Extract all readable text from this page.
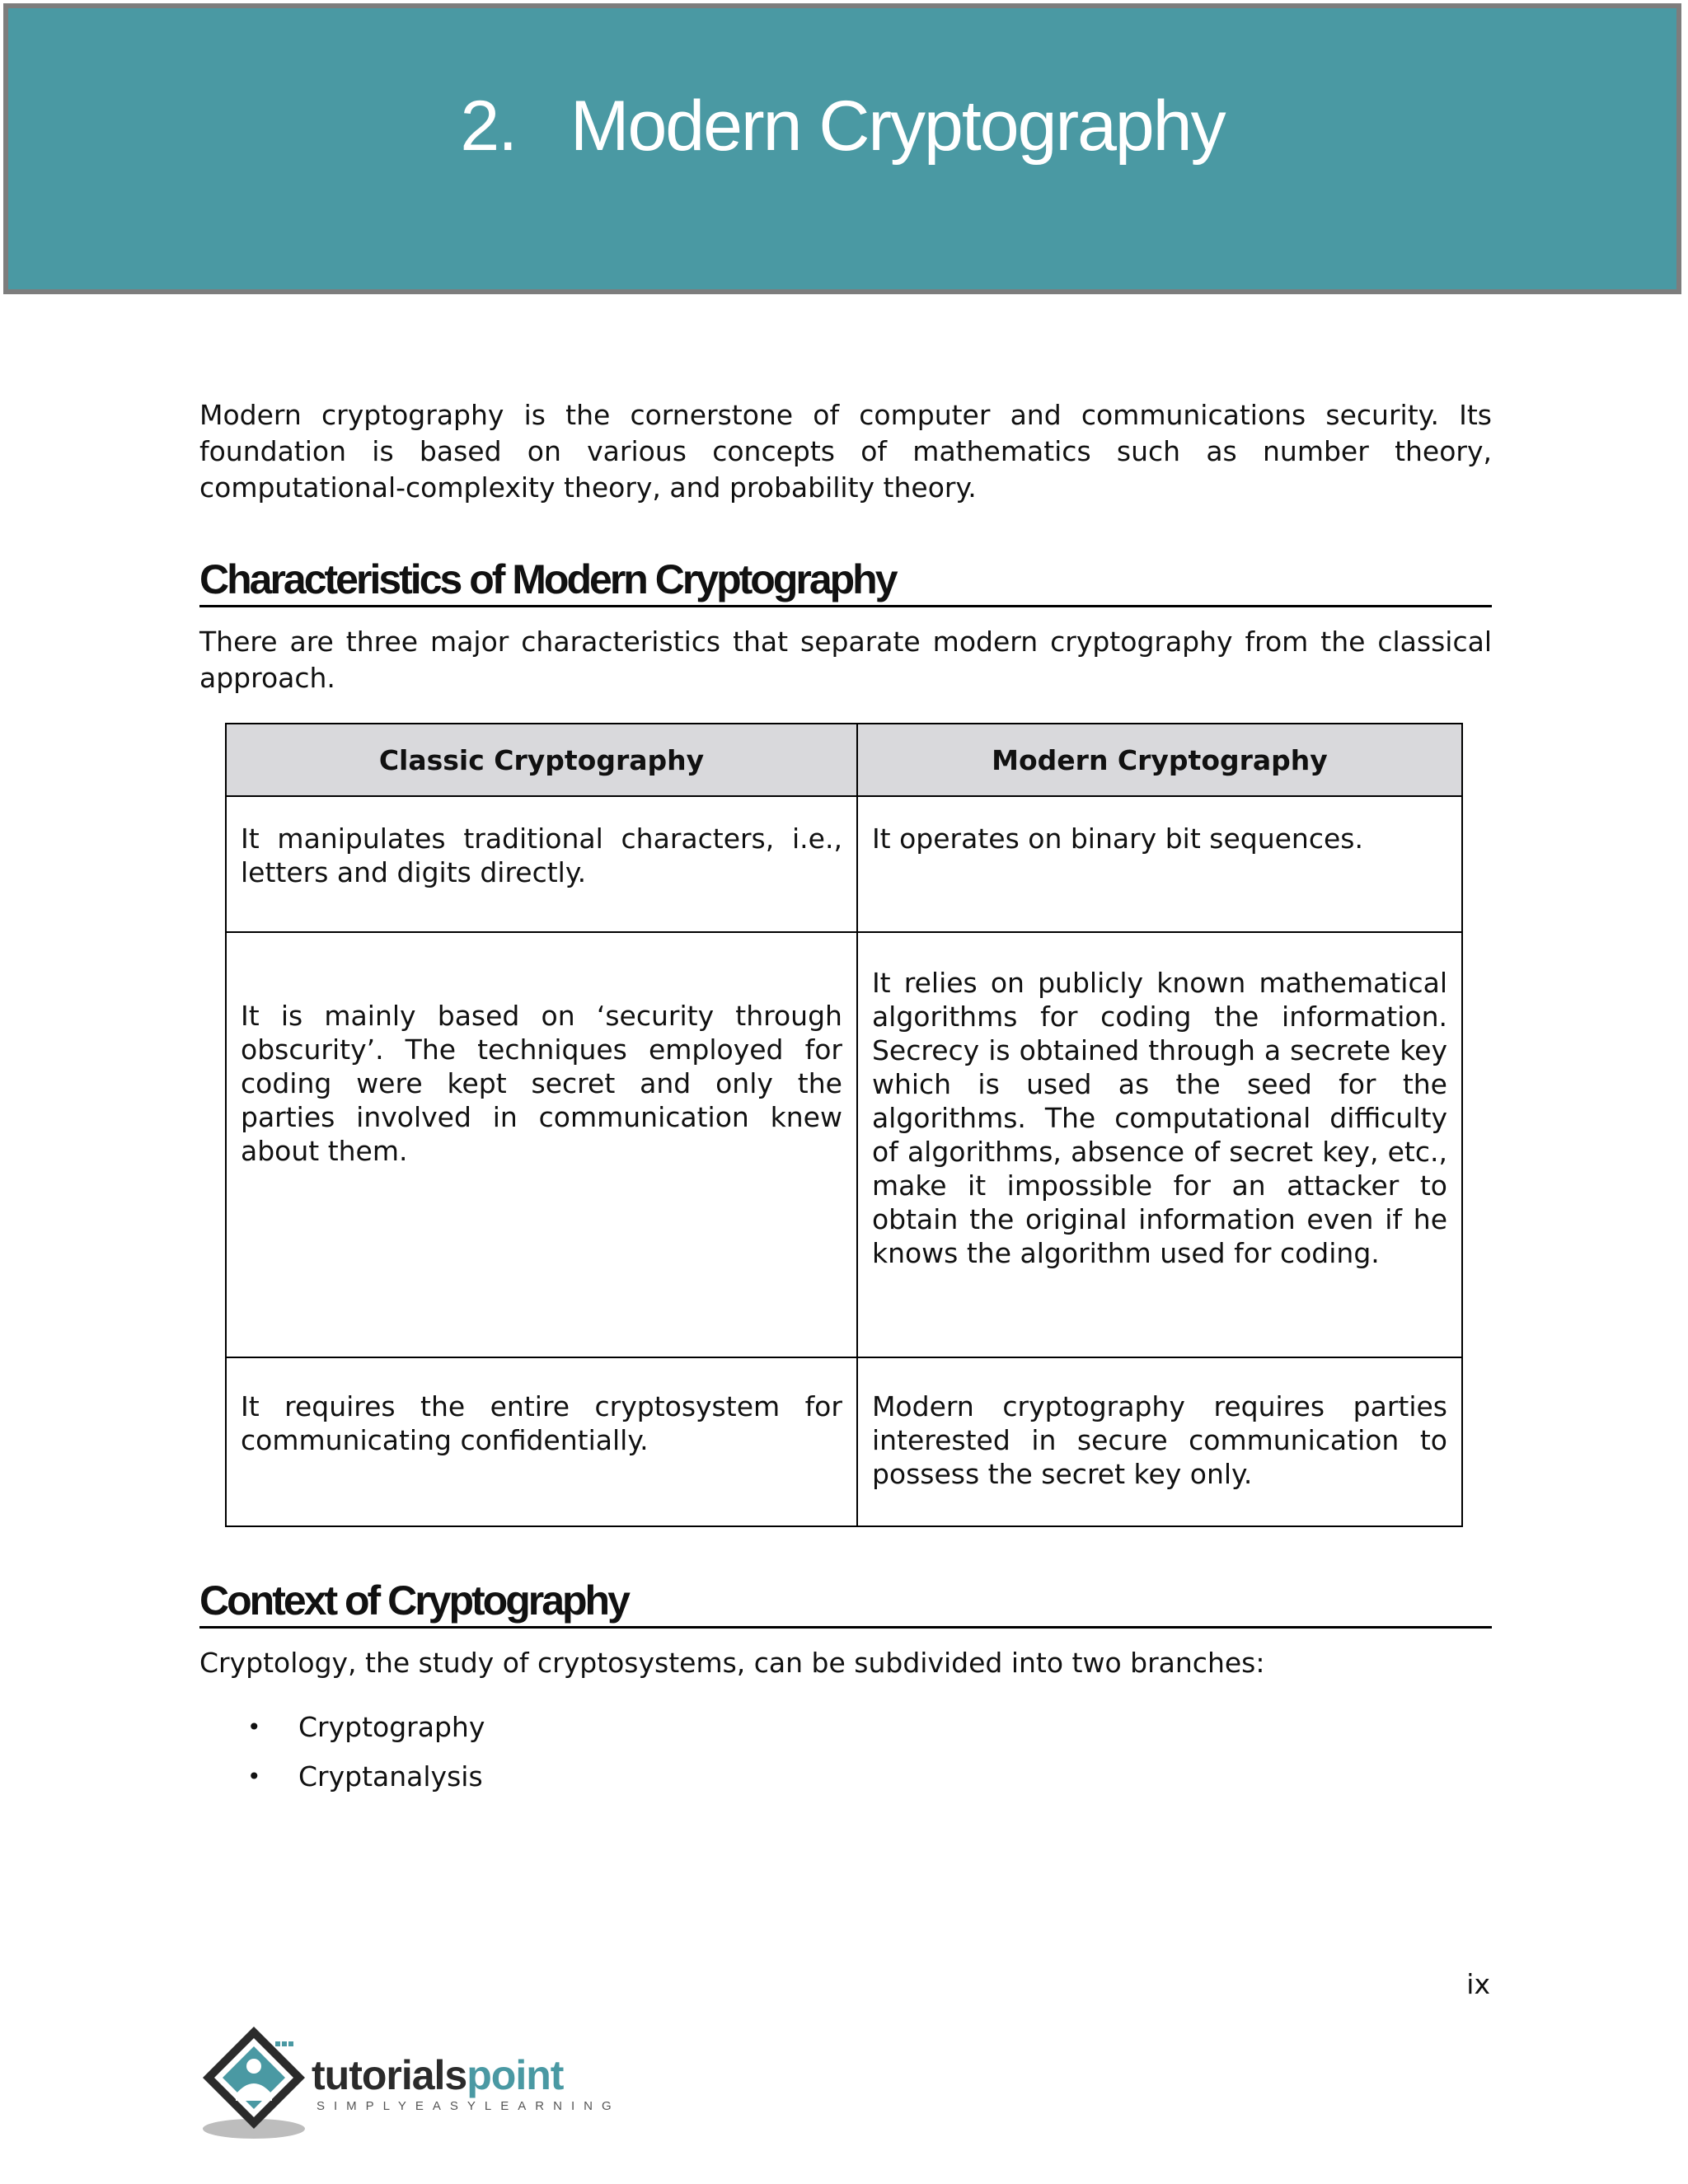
2.   Modern Cryptography

Modern cryptography is the cornerstone of computer and communications security. Its foundation is based on various concepts of mathematics such as number theory, computational-complexity theory, and probability theory.

Characteristics of Modern Cryptography

There are three major characteristics that separate modern cryptography from the classical approach.

Classic Cryptography	Modern Cryptography
It manipulates traditional characters, i.e., letters and digits directly.	It operates on binary bit sequences.
It is mainly based on ‘security through obscurity’. The techniques employed for coding were kept secret and only the parties involved in communication knew about them.	It relies on publicly known mathematical algorithms for coding the information. Secrecy is obtained through a secrete key which is used as the seed for the algorithms. The computational difficulty of algorithms, absence of secret key, etc., make it impossible for an attacker to obtain the original information even if he knows the algorithm used for coding.
It requires the entire cryptosystem for communicating confidentially.	Modern cryptography requires parties interested in secure communication to possess the secret key only.
Context of Cryptography

Cryptology, the study of cryptosystems, can be subdivided into two branches:

• Cryptography
• Cryptanalysis
ix
tutorialspoint
SIMPLYEASYLEARNING
